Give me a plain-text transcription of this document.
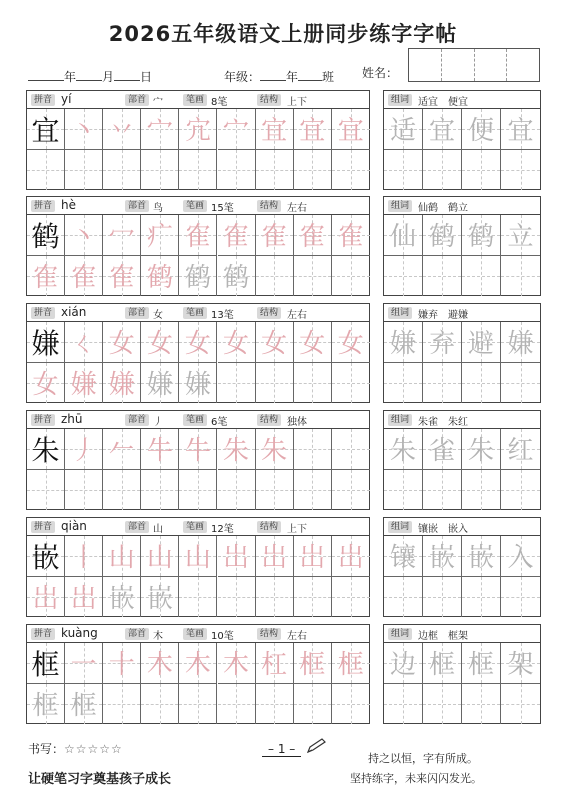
2026五年级语文上册同步练字字帖
年 月 日	年级： 年 班 姓名：
拼音 yí	部首 宀	笔画 8笔	结构 上下
宜 丶 丷 宀 宂 宀 宜 宜 宜
组词 适宜　便宜
适 宜 便 宜
拼音 hè	部首 鸟	笔画 15笔	结构 左右
鹤 丶 冖 疒 隺 隺 隺 隺 隺
隺 隺 隺 鹤 鹤 鹤
组词 仙鹤　鹤立
仙 鹤 鹤 立
拼音 xián	部首 女	笔画 13笔	结构 左右
嫌 ㄑ 女 女 女 女 女 女 女
女 嫌 嫌 嫌 嫌
组词 嫌弃　避嫌
嫌 弃 避 嫌
拼音 zhū	部首 丿	笔画 6笔	结构 独体
朱 丿 𠂉 牛 牛 朱 朱
组词 朱雀　朱红
朱 雀 朱 红
拼音 qiàn	部首 山	笔画 12笔	结构 上下
嵌 丨 山 山 山 岀 岀 岀 岀
岀 岀 嵌 嵌
组词 镶嵌　嵌入
镶 嵌 嵌 入
拼音 kuàng	部首 木	笔画 10笔	结构 左右
框 一 十 木 木 木 杠 框 框
框 框
组词 边框　框架
边 框 框 架
书写：☆☆☆☆☆	– 1 –
让硬笔习字奠基孩子成长
持之以恒，字有所成。
坚持练字，未来闪闪发光。
